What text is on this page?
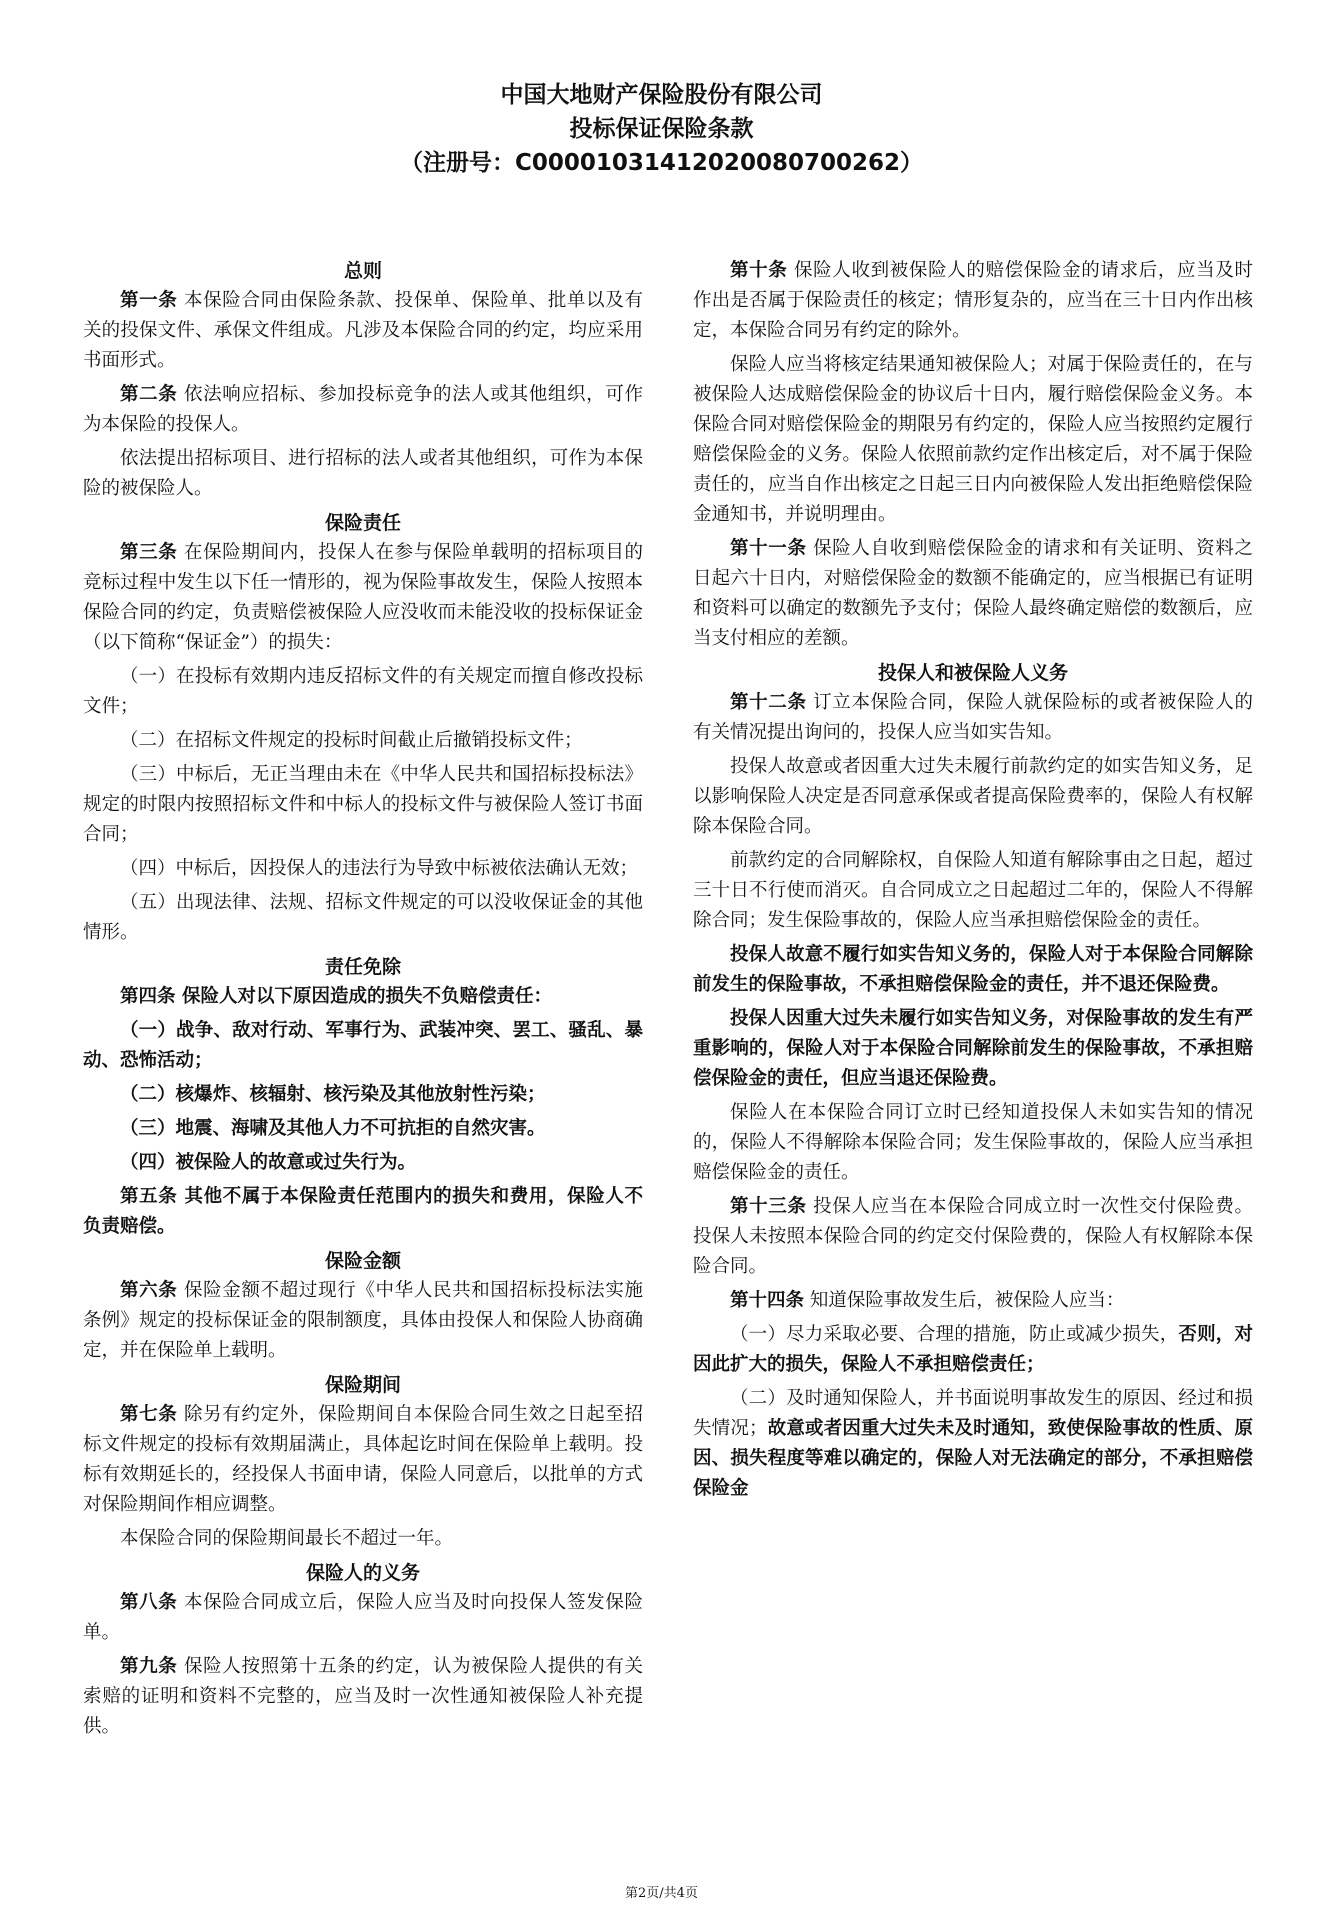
中国大地财产保险股份有限公司
投标保证保险条款
（注册号：C00001031412020080700262）
总则
第一条 本保险合同由保险条款、投保单、保险单、批单以及有关的投保文件、承保文件组成。凡涉及本保险合同的约定，均应采用书面形式。
第二条 依法响应招标、参加投标竞争的法人或其他组织，可作为本保险的投保人。
依法提出招标项目、进行招标的法人或者其他组织，可作为本保险的被保险人。
保险责任
第三条 在保险期间内，投保人在参与保险单载明的招标项目的竞标过程中发生以下任一情形的，视为保险事故发生，保险人按照本保险合同的约定，负责赔偿被保险人应没收而未能没收的投标保证金（以下简称“保证金”）的损失：
（一）在投标有效期内违反招标文件的有关规定而擅自修改投标文件；
（二）在招标文件规定的投标时间截止后撤销投标文件；
（三）中标后，无正当理由未在《中华人民共和国招标投标法》规定的时限内按照招标文件和中标人的投标文件与被保险人签订书面合同；
（四）中标后，因投保人的违法行为导致中标被依法确认无效；
（五）出现法律、法规、招标文件规定的可以没收保证金的其他情形。
责任免除
第四条 保险人对以下原因造成的损失不负赔偿责任：
（一）战争、敌对行动、军事行为、武装冲突、罢工、骚乱、暴动、恐怖活动；
（二）核爆炸、核辐射、核污染及其他放射性污染；
（三）地震、海啸及其他人力不可抗拒的自然灾害。
（四）被保险人的故意或过失行为。
第五条 其他不属于本保险责任范围内的损失和费用，保险人不负责赔偿。
保险金额
第六条 保险金额不超过现行《中华人民共和国招标投标法实施条例》规定的投标保证金的限制额度，具体由投保人和保险人协商确定，并在保险单上载明。
保险期间
第七条 除另有约定外，保险期间自本保险合同生效之日起至招标文件规定的投标有效期届满止，具体起讫时间在保险单上载明。投标有效期延长的，经投保人书面申请，保险人同意后，以批单的方式对保险期间作相应调整。
本保险合同的保险期间最长不超过一年。
保险人的义务
第八条 本保险合同成立后，保险人应当及时向投保人签发保险单。
第九条 保险人按照第十五条的约定，认为被保险人提供的有关索赔的证明和资料不完整的，应当及时一次性通知被保险人补充提供。
第十条 保险人收到被保险人的赔偿保险金的请求后，应当及时作出是否属于保险责任的核定；情形复杂的，应当在三十日内作出核定，本保险合同另有约定的除外。
保险人应当将核定结果通知被保险人；对属于保险责任的，在与被保险人达成赔偿保险金的协议后十日内，履行赔偿保险金义务。本保险合同对赔偿保险金的期限另有约定的，保险人应当按照约定履行赔偿保险金的义务。保险人依照前款约定作出核定后，对不属于保险责任的，应当自作出核定之日起三日内向被保险人发出拒绝赔偿保险金通知书，并说明理由。
第十一条 保险人自收到赔偿保险金的请求和有关证明、资料之日起六十日内，对赔偿保险金的数额不能确定的，应当根据已有证明和资料可以确定的数额先予支付；保险人最终确定赔偿的数额后，应当支付相应的差额。
投保人和被保险人义务
第十二条 订立本保险合同，保险人就保险标的或者被保险人的有关情况提出询问的，投保人应当如实告知。
投保人故意或者因重大过失未履行前款约定的如实告知义务，足以影响保险人决定是否同意承保或者提高保险费率的，保险人有权解除本保险合同。
前款约定的合同解除权，自保险人知道有解除事由之日起，超过三十日不行使而消灭。自合同成立之日起超过二年的，保险人不得解除合同；发生保险事故的，保险人应当承担赔偿保险金的责任。
投保人故意不履行如实告知义务的，保险人对于本保险合同解除前发生的保险事故，不承担赔偿保险金的责任，并不退还保险费。
投保人因重大过失未履行如实告知义务，对保险事故的发生有严重影响的，保险人对于本保险合同解除前发生的保险事故，不承担赔偿保险金的责任，但应当退还保险费。
保险人在本保险合同订立时已经知道投保人未如实告知的情况的，保险人不得解除本保险合同；发生保险事故的，保险人应当承担赔偿保险金的责任。
第十三条 投保人应当在本保险合同成立时一次性交付保险费。投保人未按照本保险合同的约定交付保险费的，保险人有权解除本保险合同。
第十四条 知道保险事故发生后，被保险人应当：
（一）尽力采取必要、合理的措施，防止或减少损失，否则，对因此扩大的损失，保险人不承担赔偿责任；
（二）及时通知保险人，并书面说明事故发生的原因、经过和损失情况；故意或者因重大过失未及时通知，致使保险事故的性质、原因、损失程度等难以确定的，保险人对无法确定的部分，不承担赔偿保险金
第2页/共4页
